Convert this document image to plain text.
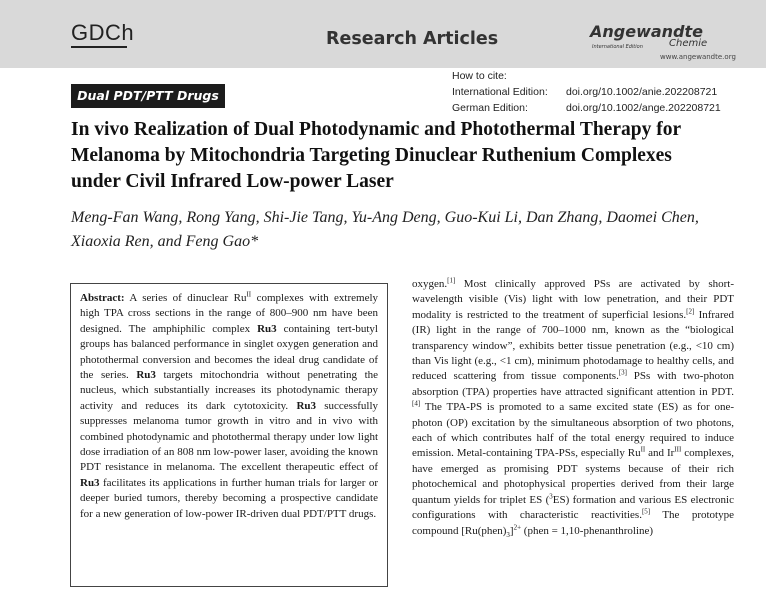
GDCh	Research Articles	Angewandte
International Edition	Chemie
www.angewandte.org
Dual PDT/PTT Drugs
How to cite:
International Edition: doi.org/10.1002/anie.202208721
German Edition:	doi.org/10.1002/ange.202208721
In vivo Realization of Dual Photodynamic and Photothermal Therapy for Melanoma by Mitochondria Targeting Dinuclear Ruthenium Complexes under Civil Infrared Low-power Laser

Meng-Fan Wang, Rong Yang, Shi-Jie Tang, Yu-Ang Deng, Guo-Kui Li, Dan Zhang, Daomei Chen, Xiaoxia Ren, and Feng Gao*

Abstract: A series of dinuclear $Ru^{II}$ complexes with extremely high TPA cross sections in the range of 800–900 nm have been designed. The amphiphilic complex Ru3 containing tert-butyl groups has balanced performance in singlet oxygen generation and photothermal conversion and becomes the ideal drug candidate of the series. Ru3 targets mitochondria without penetrating the nucleus, which substantially increases its photodynamic therapy activity and reduces its dark cytotoxicity. Ru3 successfully suppresses melanoma tumor growth in vitro and in vivo with combined photodynamic and photothermal therapy under low light dose irradiation of an 808 nm low-power laser, avoiding the known PDT resistance in melanoma. The excellent therapeutic effect of Ru3 facilitates its applications in further human trials for larger or deeper buried tumors, thereby becoming a prospective candidate for a new generation of low-power IR-driven dual PDT/PTT drugs.

oxygen.[1] Most clinically approved PSs are activated by short-wavelength visible (Vis) light with low penetration, and their PDT modality is restricted to the treatment of superficial lesions.[2] Infrared (IR) light in the range of 700–1000 nm, known as the “biological transparency window”, exhibits better tissue penetration (e.g., <10 cm) than Vis light (e.g., <1 cm), minimum photodamage to healthy cells, and reduced scattering from tissue components.[3] PSs with two-photon absorption (TPA) properties have attracted significant attention in PDT.[4] The TPA-PS is promoted to a same excited state (ES) as for one-photon (OP) excitation by the simultaneous absorption of two photons, each of which contributes half of the total energy required to induce emission. Metal-containing TPA-PSs, especially $Ru^{II}$ and $Ir^{III}$ complexes, have emerged as promising PDT systems because of their rich photochemical and photophysical properties derived from their large quantum yields for triplet ES ($^3$ES) formation and various ES electronic configurations with characteristic reactivities.[5] The prototype compound $[Ru(phen)_3]^{2+}$ (phen = 1,10-phenanthroline)
